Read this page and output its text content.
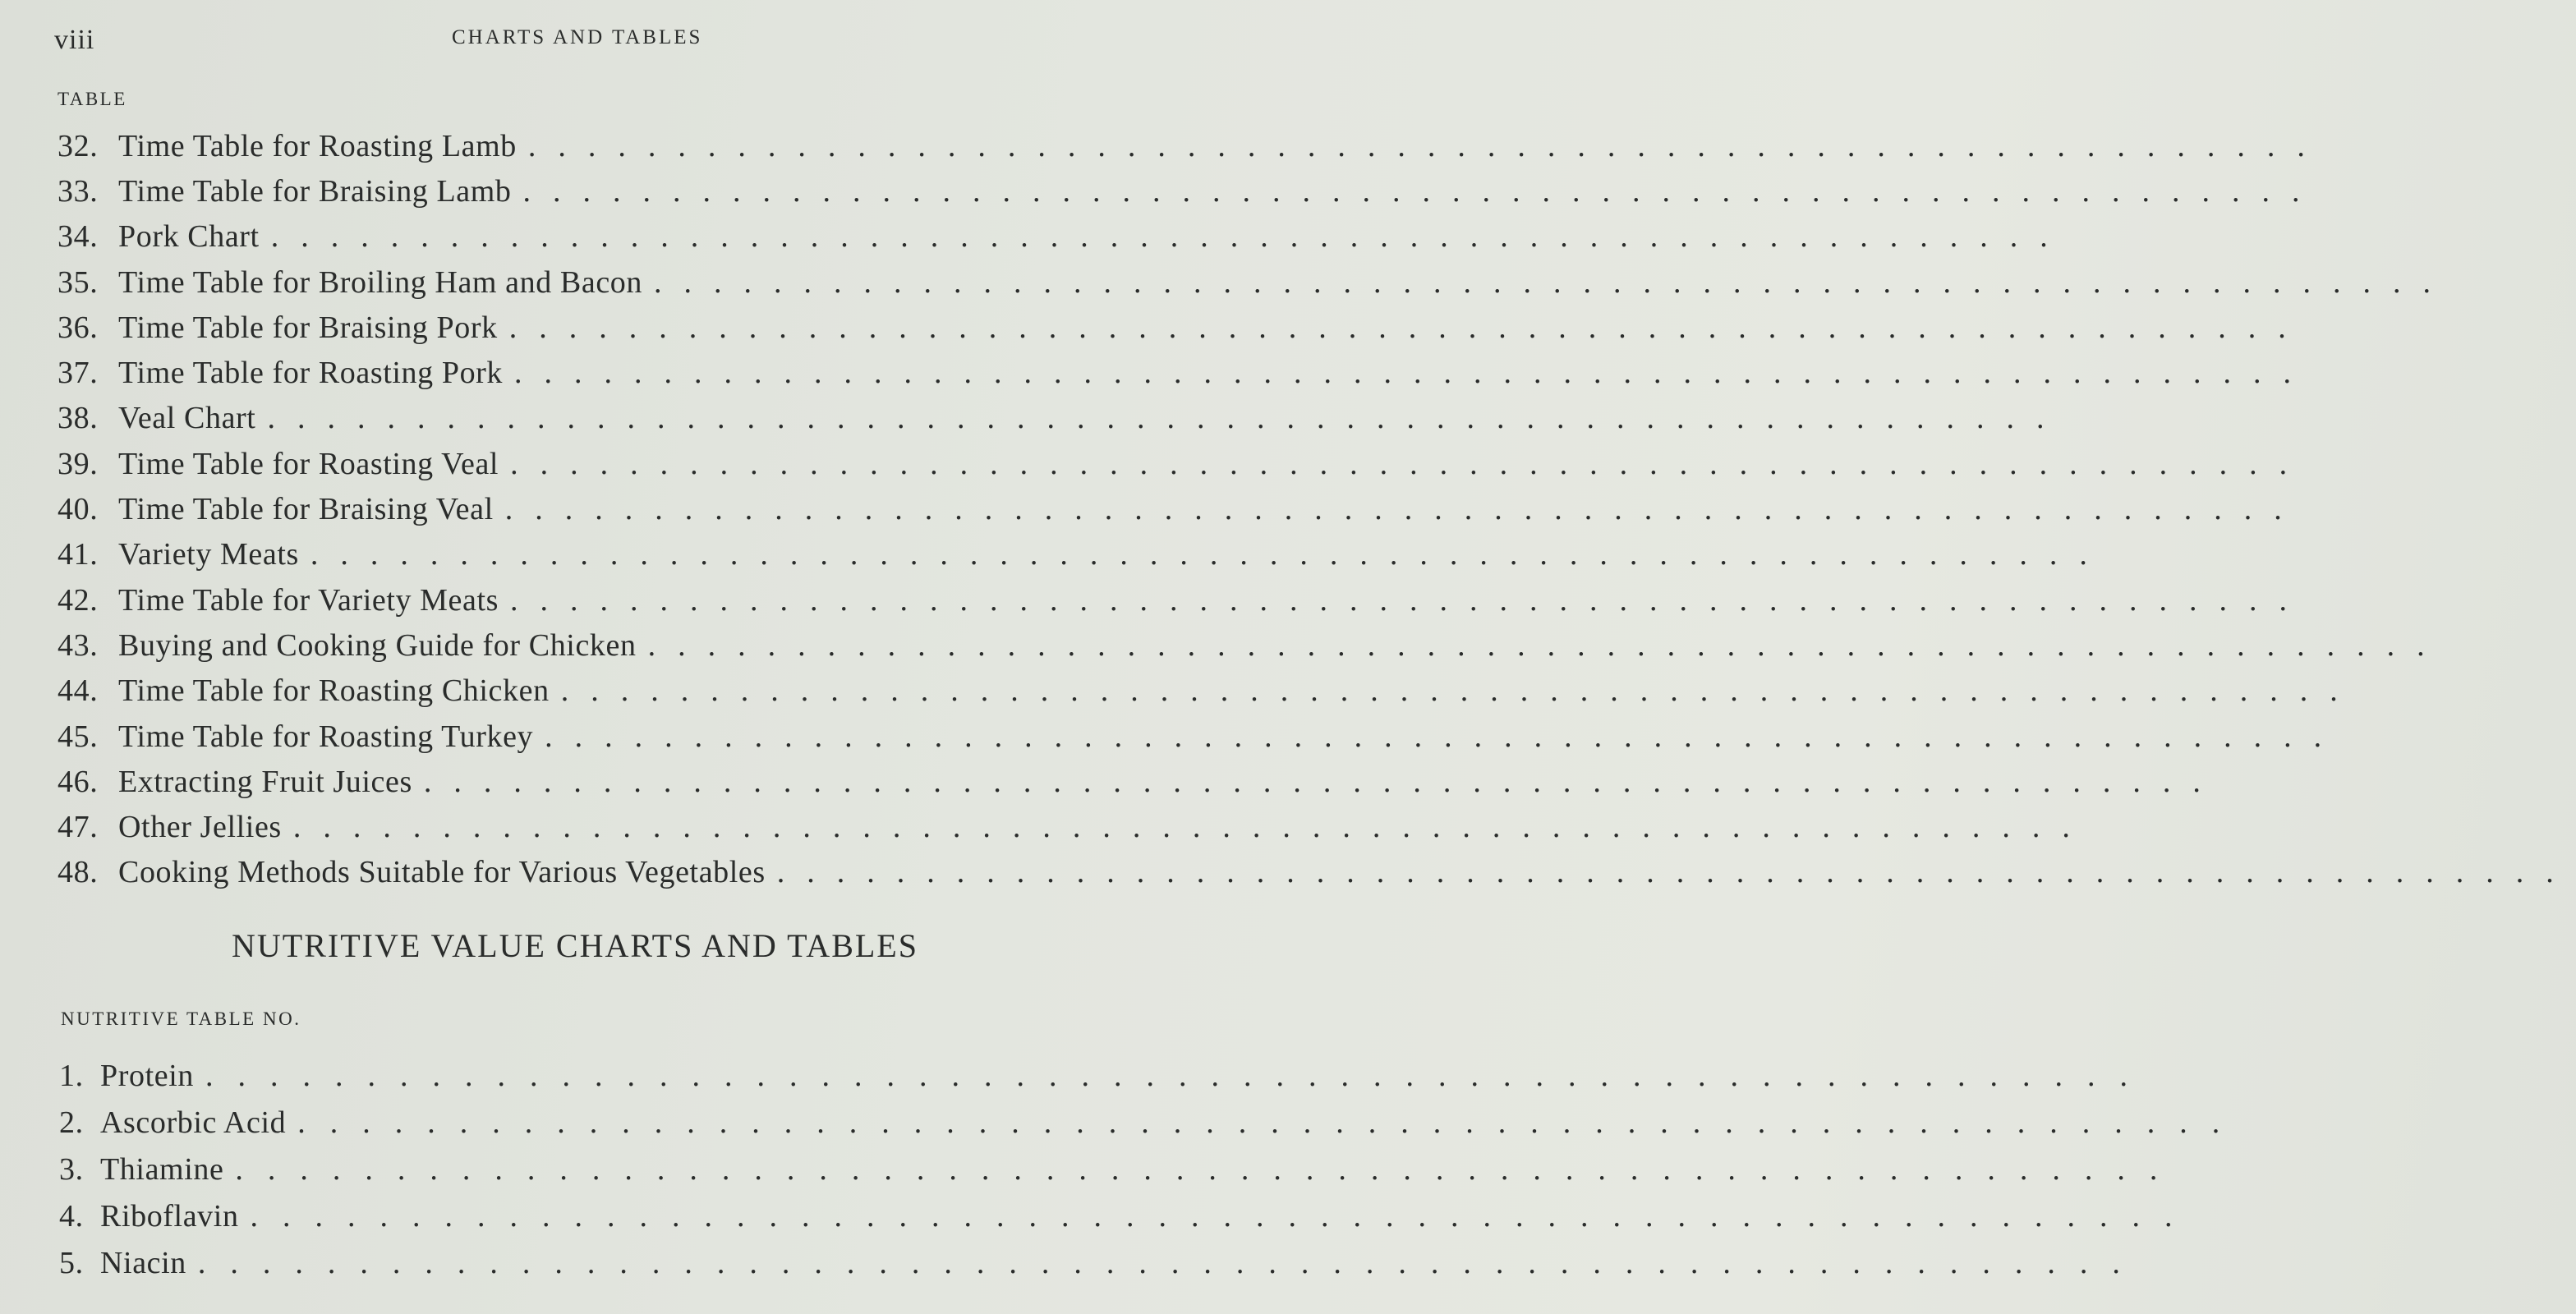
viii	CHARTS AND TABLES
TABLE
32. Time Table for Roasting Lamb ............................................................
33. Time Table for Braising Lamb ............................................................
34. Pork Chart ............................................................
35. Time Table for Broiling Ham and Bacon ............................................................
36. Time Table for Braising Pork ............................................................
37. Time Table for Roasting Pork ............................................................
38. Veal Chart ............................................................
39. Time Table for Roasting Veal ............................................................
40. Time Table for Braising Veal ............................................................
41. Variety Meats ............................................................
42. Time Table for Variety Meats ............................................................
43. Buying and Cooking Guide for Chicken ............................................................
44. Time Table for Roasting Chicken ............................................................
45. Time Table for Roasting Turkey ............................................................
46. Extracting Fruit Juices ............................................................
47. Other Jellies ............................................................
48. Cooking Methods Suitable for Various Vegetables ............................................................
NUTRITIVE VALUE CHARTS AND TABLES
NUTRITIVE TABLE NO.
1. Protein ............................................................
2. Ascorbic Acid ............................................................
3. Thiamine ............................................................
4. Riboflavin ............................................................
5. Niacin ............................................................
